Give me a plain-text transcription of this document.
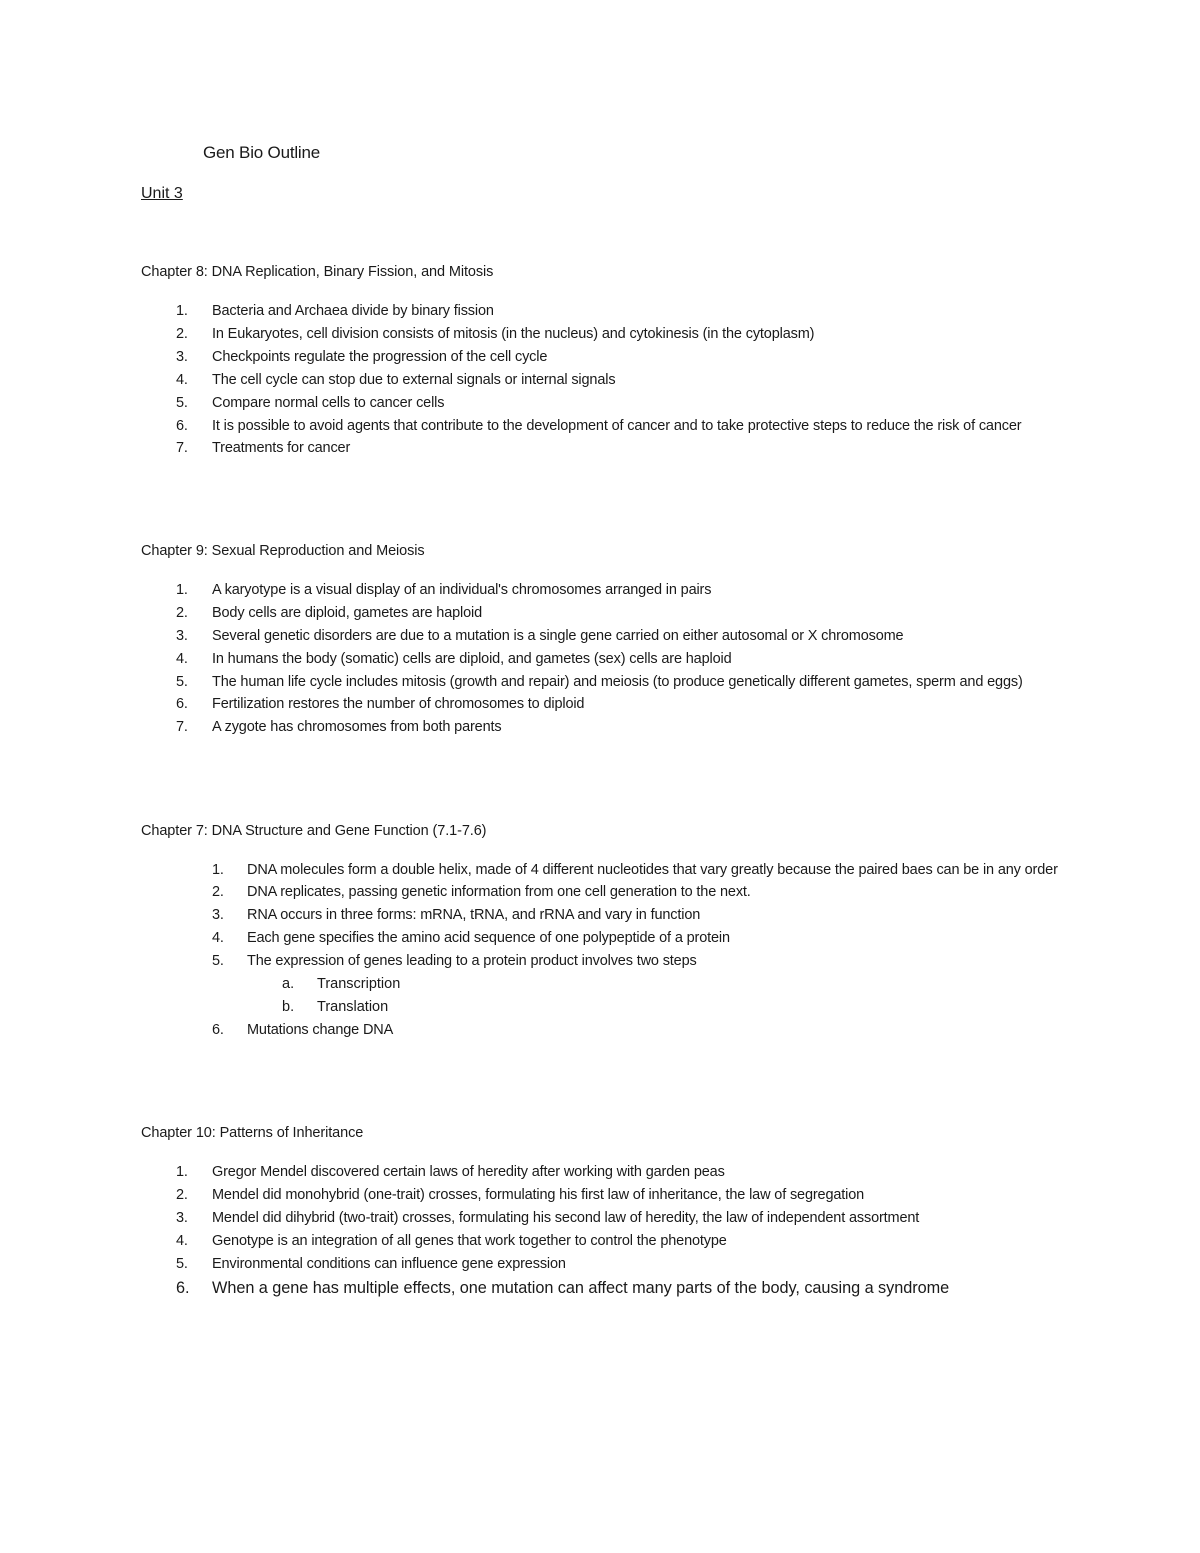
Gen Bio Outline
Unit 3

Chapter 8: DNA Replication, Binary Fission, and Mitosis

1. Bacteria and Archaea divide by binary fission
2. In Eukaryotes, cell division consists of mitosis (in the nucleus) and cytokinesis (in the cytoplasm)
3. Checkpoints regulate the progression of the cell cycle
4. The cell cycle can stop due to external signals or internal signals
5. Compare normal cells to cancer cells
6. It is possible to avoid agents that contribute to the development of cancer and to take protective steps to reduce the risk of cancer
7. Treatments for cancer

Chapter 9: Sexual Reproduction and Meiosis

1. A karyotype is a visual display of an individual's chromosomes arranged in pairs
2. Body cells are diploid, gametes are haploid
3. Several genetic disorders are due to a mutation is a single gene carried on either autosomal or X chromosome
4. In humans the body (somatic) cells are diploid, and gametes (sex) cells are haploid
5. The human life cycle includes mitosis (growth and repair) and meiosis (to produce genetically different gametes, sperm and eggs)
6. Fertilization restores the number of chromosomes to diploid
7. A zygote has chromosomes from both parents

Chapter 7: DNA Structure and Gene Function (7.1-7.6)

1. DNA molecules form a double helix, made of 4 different nucleotides that vary greatly because the paired baes can be in any order
2. DNA replicates, passing genetic information from one cell generation to the next.
3. RNA occurs in three forms: mRNA, tRNA, and rRNA and vary in function
4. Each gene specifies the amino acid sequence of one polypeptide of a protein
5. The expression of genes leading to a protein product involves two steps
a. Transcription
b. Translation
6. Mutations change DNA

Chapter 10: Patterns of Inheritance

1. Gregor Mendel discovered certain laws of heredity after working with garden peas
2. Mendel did monohybrid (one-trait) crosses, formulating his first law of inheritance, the law of segregation
3. Mendel did dihybrid (two-trait) crosses, formulating his second law of heredity, the law of independent assortment
4. Genotype is an integration of all genes that work together to control the phenotype
5. Environmental conditions can influence gene expression
6. When a gene has multiple effects, one mutation can affect many parts of the body, causing a syndrome
